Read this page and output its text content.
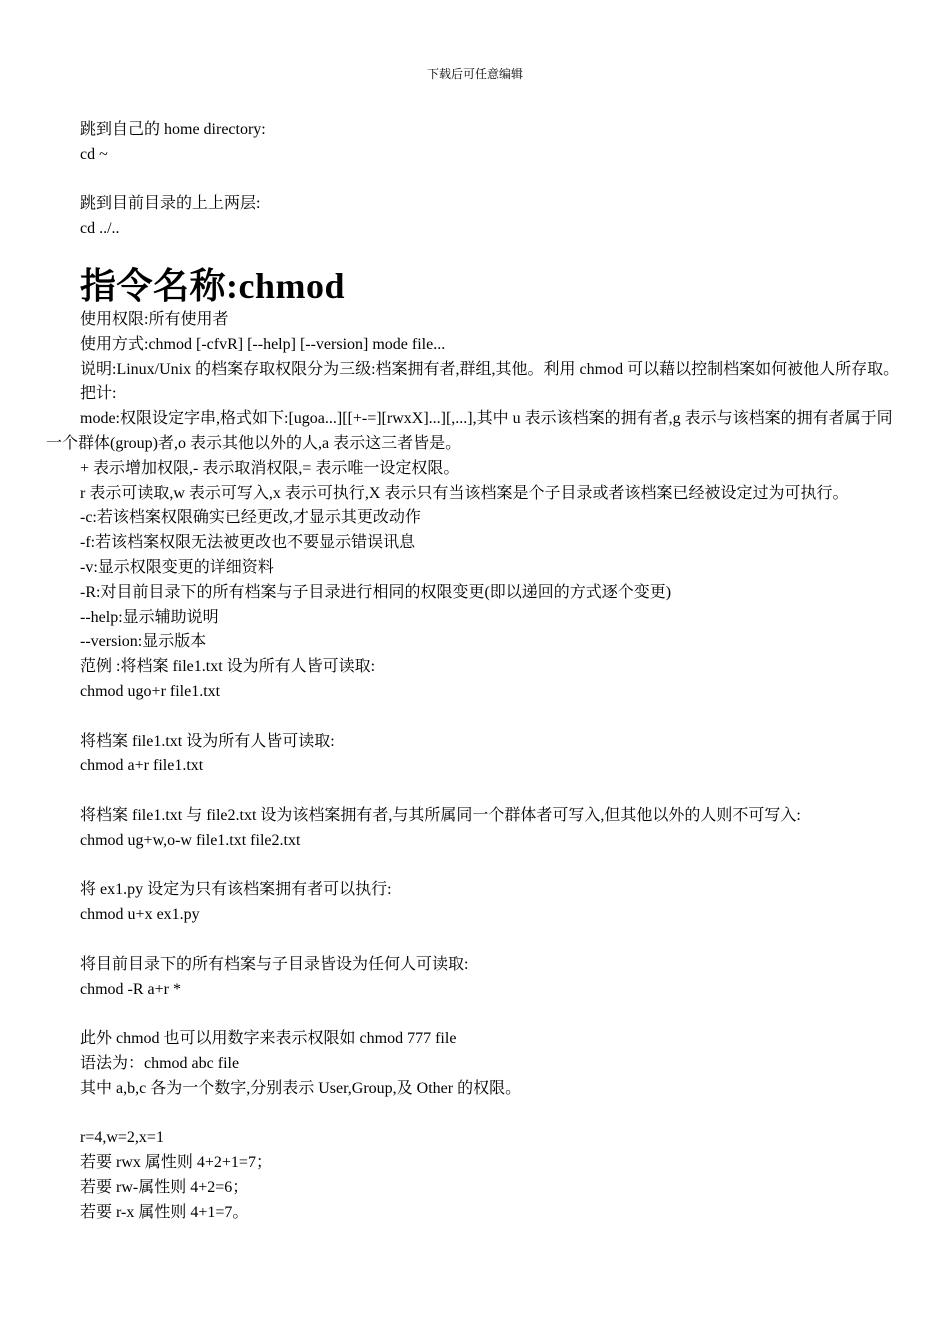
下载后可任意编辑
跳到自己的 home directory:
cd ~
跳到目前目录的上上两层:
cd ../..
指令名称:chmod
使用权限:所有使用者
使用方式:chmod [-cfvR] [--help] [--version] mode file...
说明:Linux/Unix 的档案存取权限分为三级:档案拥有者,群组,其他。利用 chmod 可以藉以控制档案如何被他人所存取。
把计:
mode:权限设定字串,格式如下:[ugoa...][[+-=][rwxX]...][,...],其中 u 表示该档案的拥有者,g 表示与该档案的拥有者属于同一个群体(group)者,o 表示其他以外的人,a 表示这三者皆是。
+ 表示增加权限,- 表示取消权限,= 表示唯一设定权限。
r 表示可读取,w 表示可写入,x 表示可执行,X 表示只有当该档案是个子目录或者该档案已经被设定过为可执行。
-c:若该档案权限确实已经更改,才显示其更改动作
-f:若该档案权限无法被更改也不要显示错误讯息
-v:显示权限变更的详细资料
-R:对目前目录下的所有档案与子目录进行相同的权限变更(即以递回的方式逐个变更)
--help:显示辅助说明
--version:显示版本
范例 :将档案 file1.txt 设为所有人皆可读取:
chmod ugo+r file1.txt
将档案 file1.txt 设为所有人皆可读取:
chmod a+r file1.txt
将档案 file1.txt 与 file2.txt 设为该档案拥有者,与其所属同一个群体者可写入,但其他以外的人则不可写入:
chmod ug+w,o-w file1.txt file2.txt
将 ex1.py 设定为只有该档案拥有者可以执行:
chmod u+x ex1.py
将目前目录下的所有档案与子目录皆设为任何人可读取:
chmod -R a+r *
此外 chmod 也可以用数字来表示权限如 chmod 777 file
语法为：chmod abc file
其中 a,b,c 各为一个数字,分别表示 User,Group,及 Other 的权限。
r=4,w=2,x=1
若要 rwx 属性则 4+2+1=7；
若要 rw-属性则 4+2=6；
若要 r-x 属性则 4+1=7。
